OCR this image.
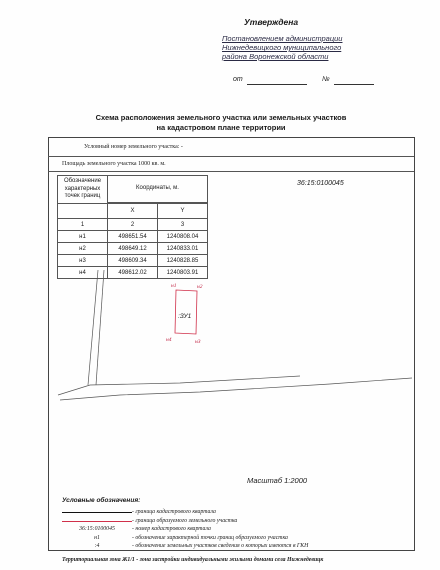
Утверждена
Постановлением администрации
Нижнедевицкого муниципального
района Воронежской области
от	№
Схема расположения земельного участка или земельных участков
на кадастровом плане территории
Условный номер земельного участка: -
Площадь земельного участка 1000 кв. м.
36:15:0100045
Обозначение характерных точек границ	Координаты, м.	

	X	Y
1	2	3
н1	498651.54	1240808.04
н2	498649.12	1240833.01
н3	498609.34	1240828.85
н4	498612.02	1240803.91
:ЗУ1
н1	н2
н3
н4
Масштаб 1:2000
Условные обозначения:
- граница кадастрового квартала
- граница образуемого земельного участка
36:15:0100045	- номер кадастрового квартала
н1	- обозначение характерной точки границ образуемого участка
:4	- обозначение земельных участков сведения о которых имеются в ГКН
Территориальная зона Ж1/1 - зона застройки индивидуальными жилыми домами села Нижнедевицк
